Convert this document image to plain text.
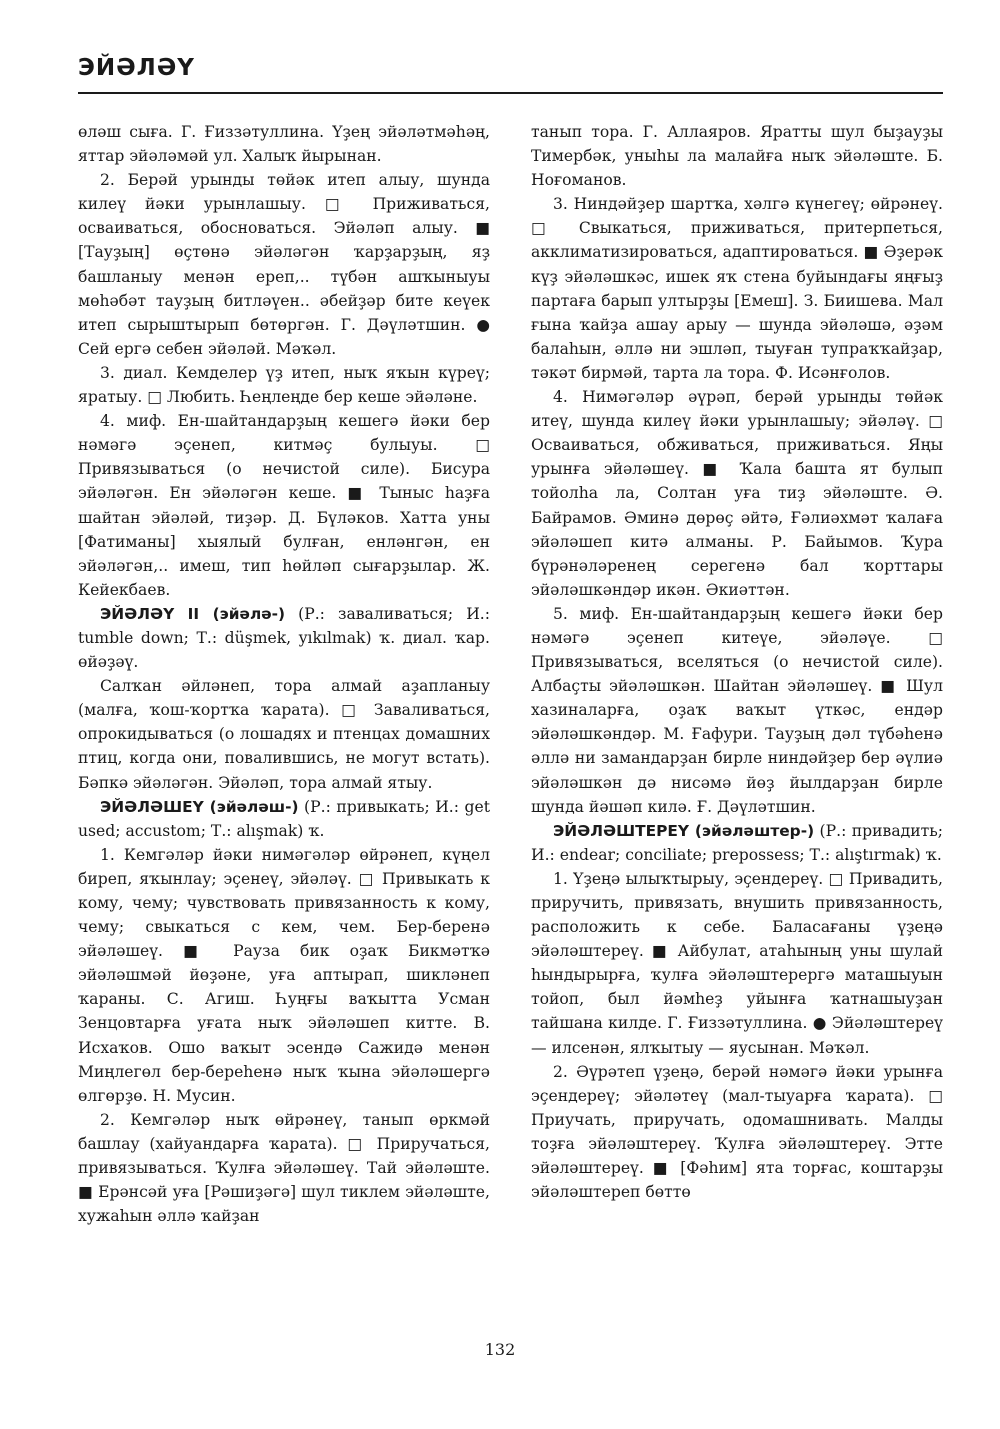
ЭЙӘЛӘҮ

өләш сыға. Г. Ғиззәтуллина. Үҙең эйәләтмәһәң, яттар эйәләмәй ул. Халыҡ йырынан.

2. Берәй урынды төйәк итеп алыу, шунда килеү йәки урынлашыу. □ Приживаться, осваиваться, обосноваться. Эйәләп алыу. ■ [Тауҙың] өҫтөнә эйәләгән ҡарҙарҙың, яҙ башланыу менән ереп,.. түбән ашҡыныуы мөһәбәт тауҙың битләүен.. әбейҙәр бите кеүек итеп сырыштырып бөтөргән. Г. Дәүләтшин. ● Сей ергә себен эйәләй. Мәҡәл.

3. диал. Кемделер үҙ итеп, ныҡ яҡын күреү; яратыу. □ Любить. Һеңлеңде бер кеше эйәләне.

4. миф. Ен-шайтандарҙың кешегә йәки бер нәмәгә эҫенеп, китмәҫ булыуы. □ Привязываться (о нечистой силе). Бисура эйәләгән. Ен эйәләгән кеше. ■ Тыныс һаҙға шайтан эйәләй, тиҙәр. Д. Бүләков. Хатта уны [Фатиманы] хыялый булған, енләнгән, ен эйәләгән,.. имеш, тип һөйләп сығарҙылар. Ж. Кейекбаев.

ЭЙӘЛӘҮ II (эйәлә-) (Р.: заваливаться; И.: tumble down; Т.: düşmek, yıkılmak) ҡ. диал. ҡар. өйәҙәү.

Салҡан әйләнеп, тора алмай аҙапланыу (малға, ҡош-ҡортҡа ҡарата). □ Заваливаться, опрокидываться (о лошадях и птенцах домашних птиц, когда они, повалившись, не могут встать). Бәпкә эйәләгән. Эйәләп, тора алмай ятыу.

ЭЙӘЛӘШЕҮ (эйәләш-) (Р.: привыкать; И.: get used; accustom; Т.: alışmak) ҡ.

1. Кемгәләр йәки нимәгәләр өйрәнеп, күңел биреп, яҡынлау; эҫенеү, эйәләү. □ Привыкать к кому, чему; чувствовать привязанность к кому, чему; свыкаться с кем, чем. Бер-беренә эйәләшеү. ■ Рауза бик оҙаҡ Бикмәтҡә эйәләшмәй йөҙәне, уға аптырап, шикләнеп ҡараны. С. Агиш. Һуңғы ваҡытта Усман Зенцовтарға уғата ныҡ эйәләшеп китте. В. Исхаҡов. Ошо ваҡыт эсендә Сажидә менән Миңлегөл бер-береһенә ныҡ ҡына эйәләшергә өлгөрҙө. Н. Мусин.

2. Кемгәләр ныҡ өйрәнеү, танып өркмәй башлау (хайуандарға ҡарата). □ Приручаться, привязываться. Ҡулға эйәләшеү. Тай эйәләште. ■ Ерәнсәй уға [Рәшиҙәгә] шул тиклем эйәләште, хужаһын әллә ҡайҙан

танып тора. Г. Аллаяров. Яратты шул быҙауҙы Тимербәк, уныһы ла малайға ныҡ эйәләште. Б. Ноғоманов.

3. Ниндәйҙер шартҡа, хәлгә күнегеү; өйрәнеү. □ Свыкаться, приживаться, притерпеться, акклиматизироваться, адаптироваться. ■ Әҙерәк күҙ эйәләшкәс, ишек яҡ стена буйындағы яңғыҙ партаға барып ултырҙы [Емеш]. З. Биишева. Мал ғына ҡайҙа ашау арыу — шунда эйәләшә, әҙәм балаһын, әллә ни эшләп, тыуған тупраҡҡайҙар, тәкәт бирмәй, тарта ла тора. Ф. Исәнғолов.

4. Нимәгәләр әүрәп, берәй урынды төйәк итеү, шунда килеү йәки урынлашыу; эйәләү. □ Осваиваться, обживаться, приживаться. Яңы урынға эйәләшеү. ■ Ҡала башта ят булып тойолһа ла, Солтан уға тиҙ эйәләште. Ә. Байрамов. Әминә дөрөҫ әйтә, Ғәлиәхмәт ҡалаға эйәләшеп китә алманы. Р. Байымов. Ҡура бүрәнәләренең серегенә бал ҡорттары эйәләшкәндәр икән. Әкиәттән.

5. миф. Ен-шайтандарҙың кешегә йәки бер нәмәгә эҫенеп китеүе, эйәләүе. □ Привязываться, вселяться (о нечистой силе). Албаҫты эйәләшкән. Шайтан эйәләшеү. ■ Шул хазиналарға, оҙаҡ ваҡыт үткәс, ендәр эйәләшкәндәр. М. Ғафури. Тауҙың дәл түбәһенә әллә ни замандарҙан бирле ниндәйҙер бер әүлиә эйәләшкән дә нисәмә йөҙ йылдарҙан бирле шунда йәшәп килә. Ғ. Дәүләтшин.

ЭЙӘЛӘШТЕРЕҮ (эйәләштер-) (Р.: привадить; И.: endear; conciliate; prepossess; Т.: alıştırmak) ҡ.

1. Үҙеңә ылыҡтырыу, эҫендереү. □ Привадить, приручить, привязать, внушить привязанность, расположить к себе. Баласағаны үҙеңә эйәләштереү. ■ Айбулат, атаһының уны шулай һындырырға, ҡулға эйәләштерергә маташыуын тойоп, был йәмһеҙ уйынға ҡатнашыуҙан тайшана килде. Г. Ғиззәтуллина. ● Эйәләштереү — илсенән, ялҡытыу — яусынан. Мәҡәл.

2. Әүрәтеп үҙеңә, берәй нәмәгә йәки урынға эҫендереү; эйәләтеү (мал-тыуарға ҡарата). □ Приучать, приручать, одомашнивать. Малды тоҙға эйәләштереү. Ҡулға эйәләштереү. Этте эйәләштереү. ■ [Фәһим] ята торғас, коштарҙы эйәләштереп бөттө

132
